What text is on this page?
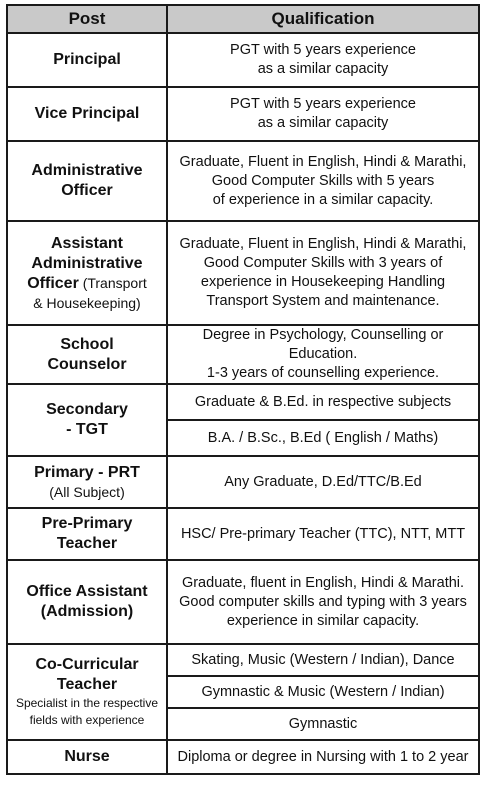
Post	Qualification

Principal	PGT with 5 years experience
as a similar capacity

Vice Principal	PGT with 5 years experience
as a similar capacity

Administrative
Officer	Graduate, Fluent in English, Hindi & Marathi,
Good Computer Skills with 5 years
of experience in a similar capacity.

Assistant
Administrative
Officer (Transport
& Housekeeping)	Graduate, Fluent in English, Hindi & Marathi,
Good Computer Skills with 3 years of
experience in Housekeeping Handling
Transport System and maintenance.

School
Counselor	Degree in Psychology, Counselling or Education.
1-3 years of counselling experience.

Secondary
- TGT	Graduate & B.Ed. in respective subjects
	B.A. / B.Sc., B.Ed ( English / Maths)

Primary - PRT
(All Subject)	Any Graduate, D.Ed/TTC/B.Ed

Pre-Primary
Teacher	HSC/ Pre-primary Teacher (TTC), NTT, MTT

Office Assistant
(Admission)	Graduate, fluent in English, Hindi & Marathi.
Good computer skills and typing with 3 years
experience in similar capacity.

Co-Curricular
Teacher
Specialist in the respective
fields with experience	Skating, Music (Western / Indian), Dance
	Gymnastic & Music (Western / Indian)
	Gymnastic

Nurse	Diploma or degree in Nursing with 1 to 2 year
